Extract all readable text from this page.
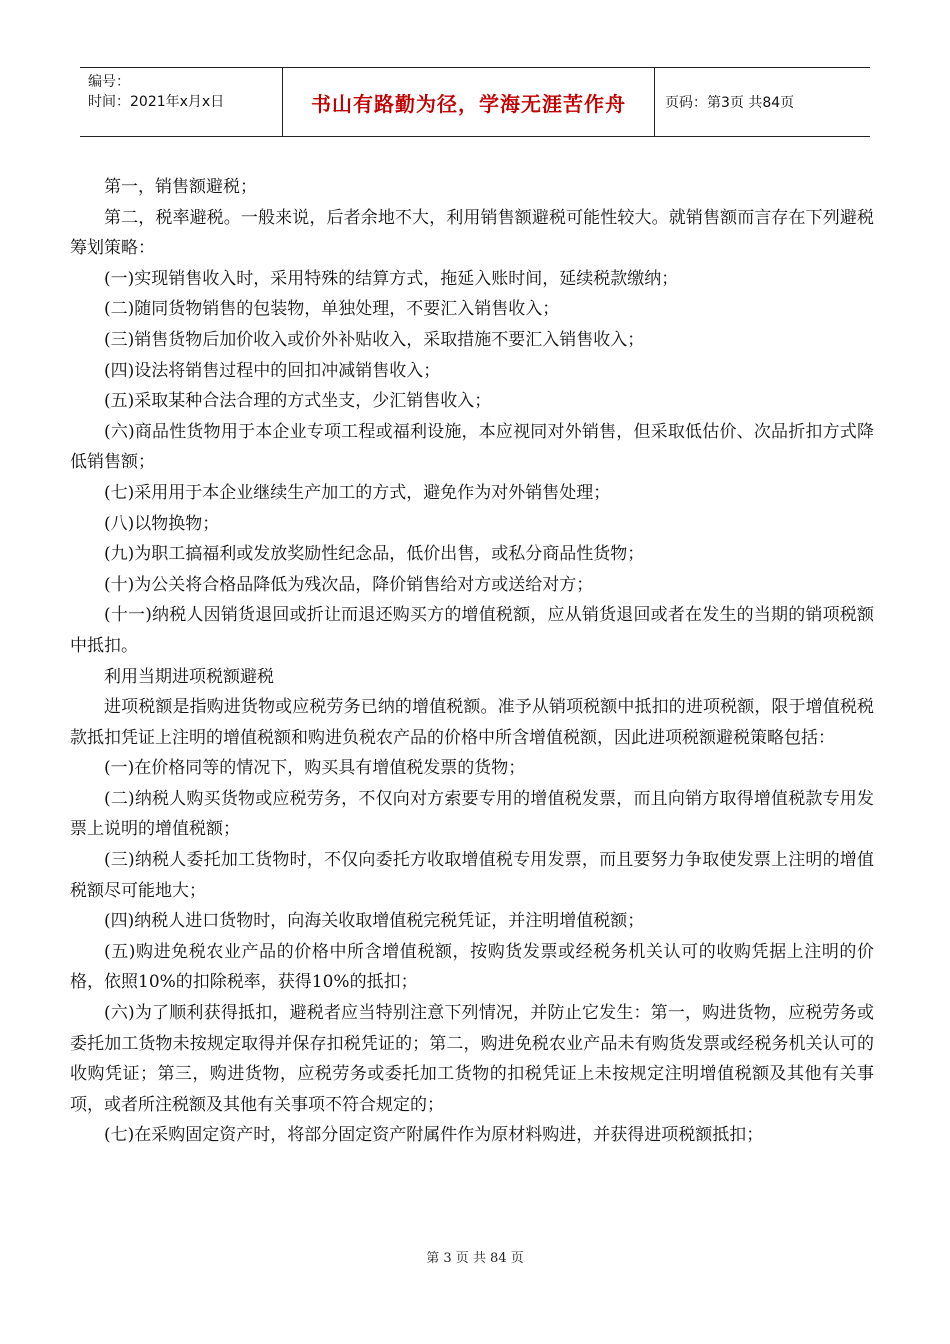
编号：
时间：2021年x月x日	书山有路勤为径，学海无涯苦作舟	页码：第3页 共84页

第一，销售额避税；

第二，税率避税。一般来说，后者余地不大，利用销售额避税可能性较大。就销售额而言存在下列避税筹划策略：

(一)实现销售收入时，采用特殊的结算方式，拖延入账时间，延续税款缴纳；

(二)随同货物销售的包装物，单独处理，不要汇入销售收入；

(三)销售货物后加价收入或价外补贴收入，采取措施不要汇入销售收入；

(四)设法将销售过程中的回扣冲减销售收入；

(五)采取某种合法合理的方式坐支，少汇销售收入；

(六)商品性货物用于本企业专项工程或福利设施，本应视同对外销售，但采取低估价、次品折扣方式降低销售额；

(七)采用用于本企业继续生产加工的方式，避免作为对外销售处理；

(八)以物换物；

(九)为职工搞福利或发放奖励性纪念品，低价出售，或私分商品性货物；

(十)为公关将合格品降低为残次品，降价销售给对方或送给对方；

(十一)纳税人因销货退回或折让而退还购买方的增值税额，应从销货退回或者在发生的当期的销项税额中抵扣。

利用当期进项税额避税

进项税额是指购进货物或应税劳务已纳的增值税额。准予从销项税额中抵扣的进项税额，限于增值税税款抵扣凭证上注明的增值税额和购进负税农产品的价格中所含增值税额，因此进项税额避税策略包括：

(一)在价格同等的情况下，购买具有增值税发票的货物；

(二)纳税人购买货物或应税劳务，不仅向对方索要专用的增值税发票，而且向销方取得增值税款专用发票上说明的增值税额；

(三)纳税人委托加工货物时，不仅向委托方收取增值税专用发票，而且要努力争取使发票上注明的增值税额尽可能地大；

(四)纳税人进口货物时，向海关收取增值税完税凭证，并注明增值税额；

(五)购进免税农业产品的价格中所含增值税额，按购货发票或经税务机关认可的收购凭据上注明的价格，依照10%的扣除税率，获得10%的抵扣；

(六)为了顺利获得抵扣，避税者应当特别注意下列情况，并防止它发生：第一，购进货物，应税劳务或委托加工货物未按规定取得并保存扣税凭证的；第二，购进免税农业产品未有购货发票或经税务机关认可的收购凭证；第三，购进货物，应税劳务或委托加工货物的扣税凭证上未按规定注明增值税额及其他有关事项，或者所注税额及其他有关事项不符合规定的；

(七)在采购固定资产时，将部分固定资产附属件作为原材料购进，并获得进项税额抵扣；

第 3 页 共 84 页
